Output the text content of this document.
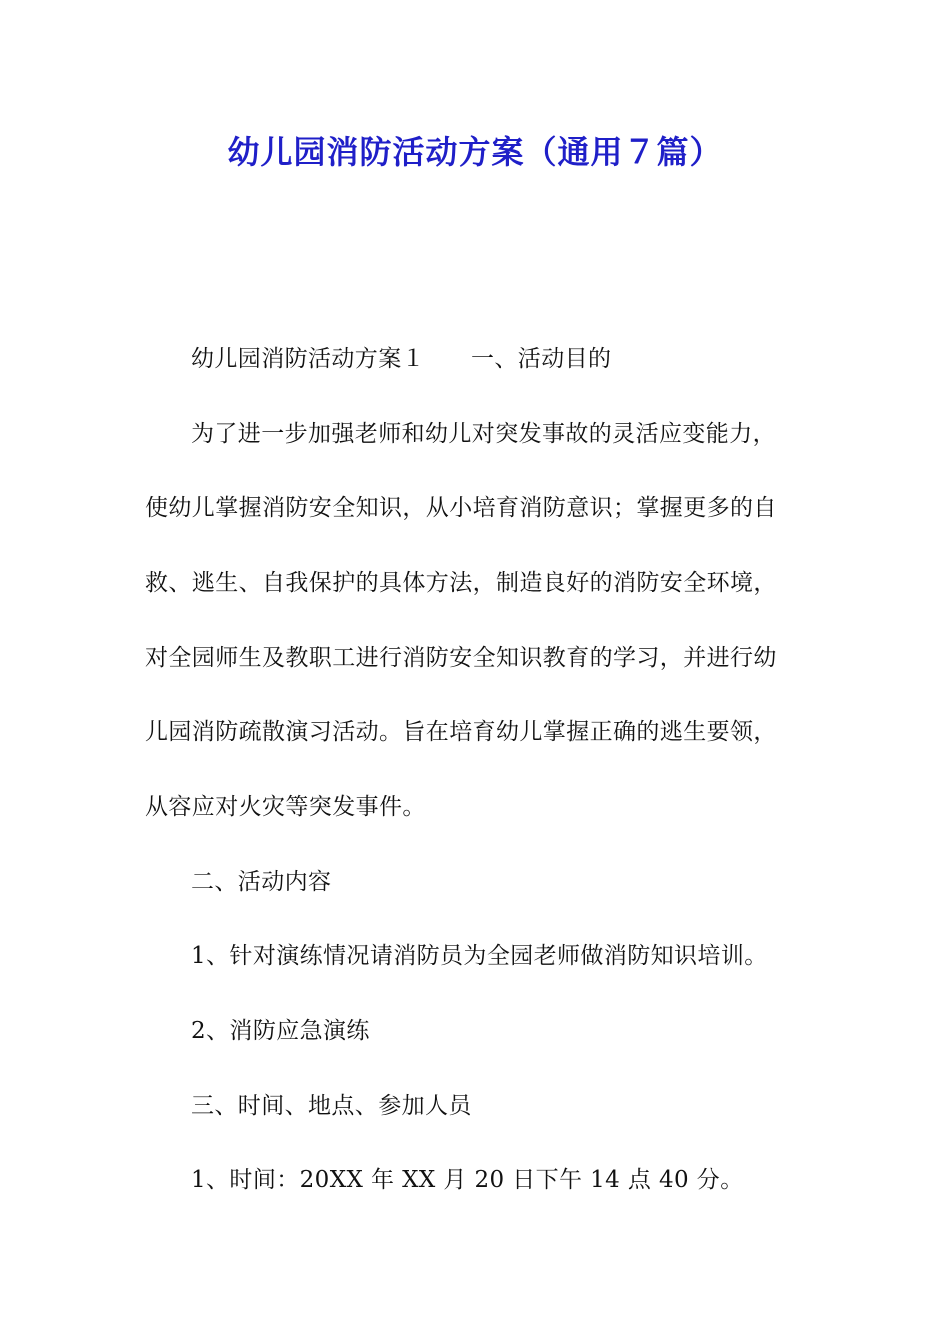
幼儿园消防活动方案（通用７篇）
幼儿园消防活动方案１ 一、活动目的
为了进一步加强老师和幼儿对突发事故的灵活应变能力，
使幼儿掌握消防安全知识，从小培育消防意识；掌握更多的自
救、逃生、自我保护的具体方法，制造良好的消防安全环境，
对全园师生及教职工进行消防安全知识教育的学习，并进行幼
儿园消防疏散演习活动。旨在培育幼儿掌握正确的逃生要领，
从容应对火灾等突发事件。
二、活动内容
1、针对演练情况请消防员为全园老师做消防知识培训。
2、消防应急演练
三、时间、地点、参加人员
1、时间：20XX 年 XX 月 20 日下午 14 点 40 分。
